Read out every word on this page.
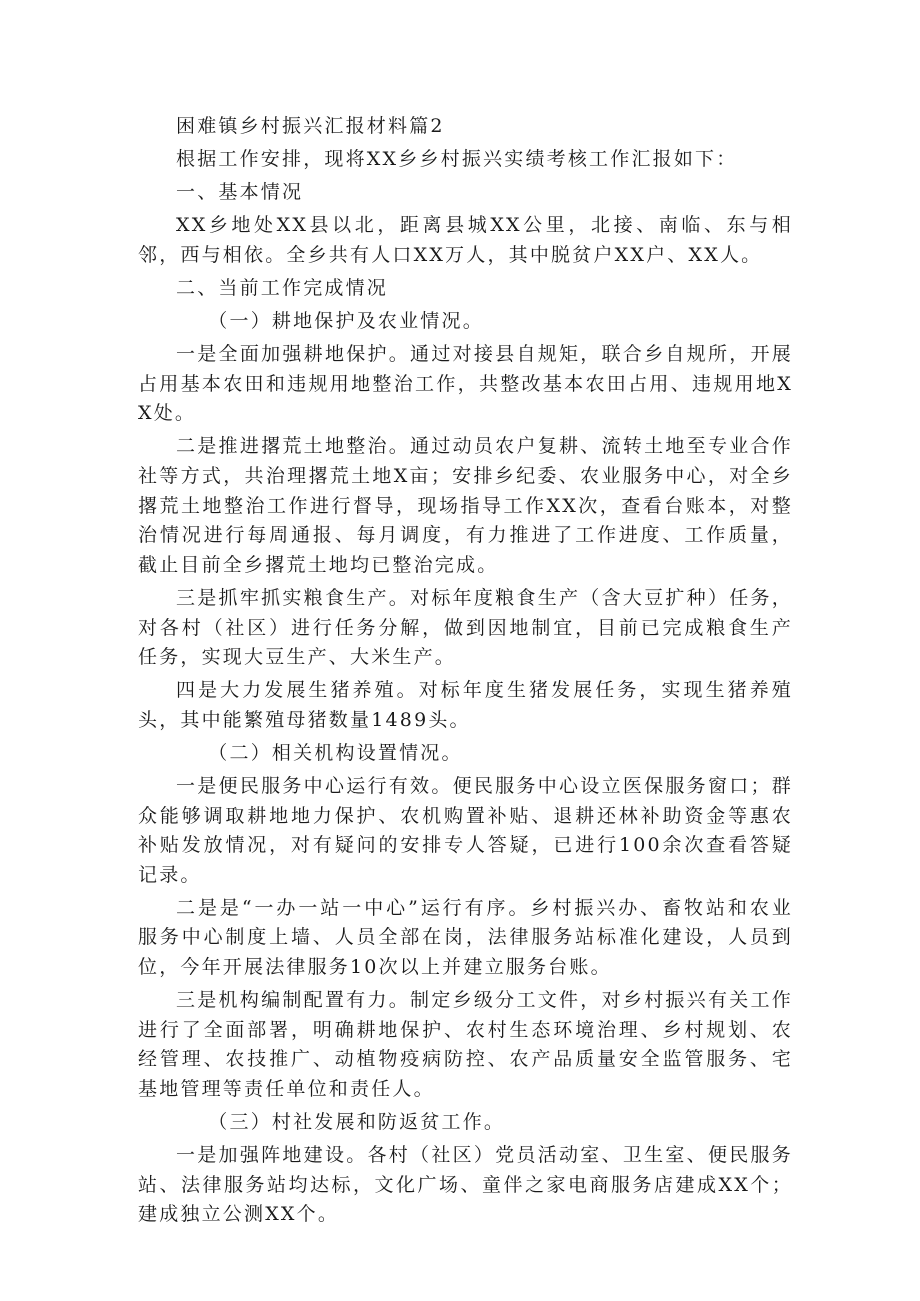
困难镇乡村振兴汇报材料篇2

根据工作安排，现将XX乡乡村振兴实绩考核工作汇报如下：

一、基本情况

XX乡地处XX县以北，距离县城XX公里，北接、南临、东与相邻，西与相依。全乡共有人口XX万人，其中脱贫户XX户、XX人。

二、当前工作完成情况

（一）耕地保护及农业情况。

一是全面加强耕地保护。通过对接县自规矩，联合乡自规所，开展占用基本农田和违规用地整治工作，共整改基本农田占用、违规用地XX处。

二是推进撂荒土地整治。通过动员农户复耕、流转土地至专业合作社等方式，共治理撂荒土地X亩；安排乡纪委、农业服务中心，对全乡撂荒土地整治工作进行督导，现场指导工作XX次，查看台账本，对整治情况进行每周通报、每月调度，有力推进了工作进度、工作质量，截止目前全乡撂荒土地均已整治完成。

三是抓牢抓实粮食生产。对标年度粮食生产（含大豆扩种）任务，对各村（社区）进行任务分解，做到因地制宜，目前已完成粮食生产任务，实现大豆生产、大米生产。

四是大力发展生猪养殖。对标年度生猪发展任务，实现生猪养殖头，其中能繁殖母猪数量1489头。

（二）相关机构设置情况。

一是便民服务中心运行有效。便民服务中心设立医保服务窗口；群众能够调取耕地地力保护、农机购置补贴、退耕还林补助资金等惠农补贴发放情况，对有疑问的安排专人答疑，已进行100余次查看答疑记录。

二是是“一办一站一中心”运行有序。乡村振兴办、畜牧站和农业服务中心制度上墙、人员全部在岗，法律服务站标准化建设，人员到位，今年开展法律服务10次以上并建立服务台账。

三是机构编制配置有力。制定乡级分工文件，对乡村振兴有关工作进行了全面部署，明确耕地保护、农村生态环境治理、乡村规划、农经管理、农技推广、动植物疫病防控、农产品质量安全监管服务、宅基地管理等责任单位和责任人。

（三）村社发展和防返贫工作。

一是加强阵地建设。各村（社区）党员活动室、卫生室、便民服务站、法律服务站均达标，文化广场、童伴之家电商服务店建成XX个；建成独立公测XX个。
